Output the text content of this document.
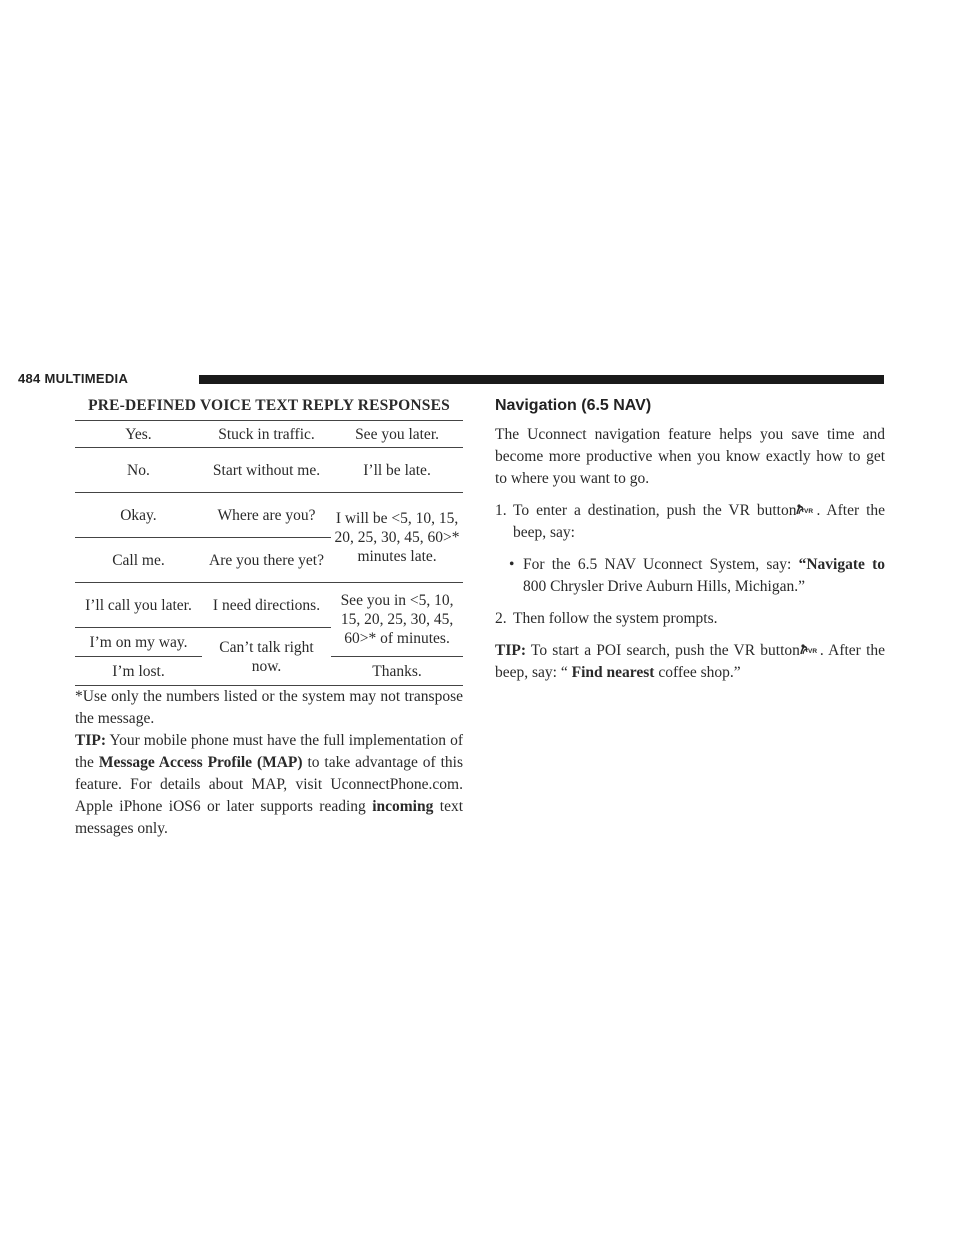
484 MULTIMEDIA
PRE-DEFINED VOICE TEXT REPLY RESPONSES
Yes.	Stuck in traffic.	See you later.
No.	Start without me.	I’ll be late.
Okay.	Where are you?	I will be <5, 10, 15, 20, 25, 30, 45, 60>* minutes late.
Call me.	Are you there yet?	
I’ll call you later.	I need directions.	See you in <5, 10, 15, 20, 25, 30, 45, 60>* of minutes.
I’m on my way.	Can’t talk right now.	
I’m lost.		Thanks.

*Use only the numbers listed or the system may not transpose the message.

TIP: Your mobile phone must have the full implementation of the Message Access Profile (MAP) to take advantage of this feature. For details about MAP, visit UconnectPhone.com. Apple iPhone iOS6 or later supports reading incoming text messages only.

Navigation (6.5 NAV)

The Uconnect navigation feature helps you save time and become more productive when you know exactly how to get to where you want to go.

1. To enter a destination, push the VR button VR . After the beep, say:

• For the 6.5 NAV Uconnect System, say: “Navigate to 800 Chrysler Drive Auburn Hills, Michigan.”

2. Then follow the system prompts.

TIP: To start a POI search, push the VR button VR . After the beep, say: “ Find nearest coffee shop.”
